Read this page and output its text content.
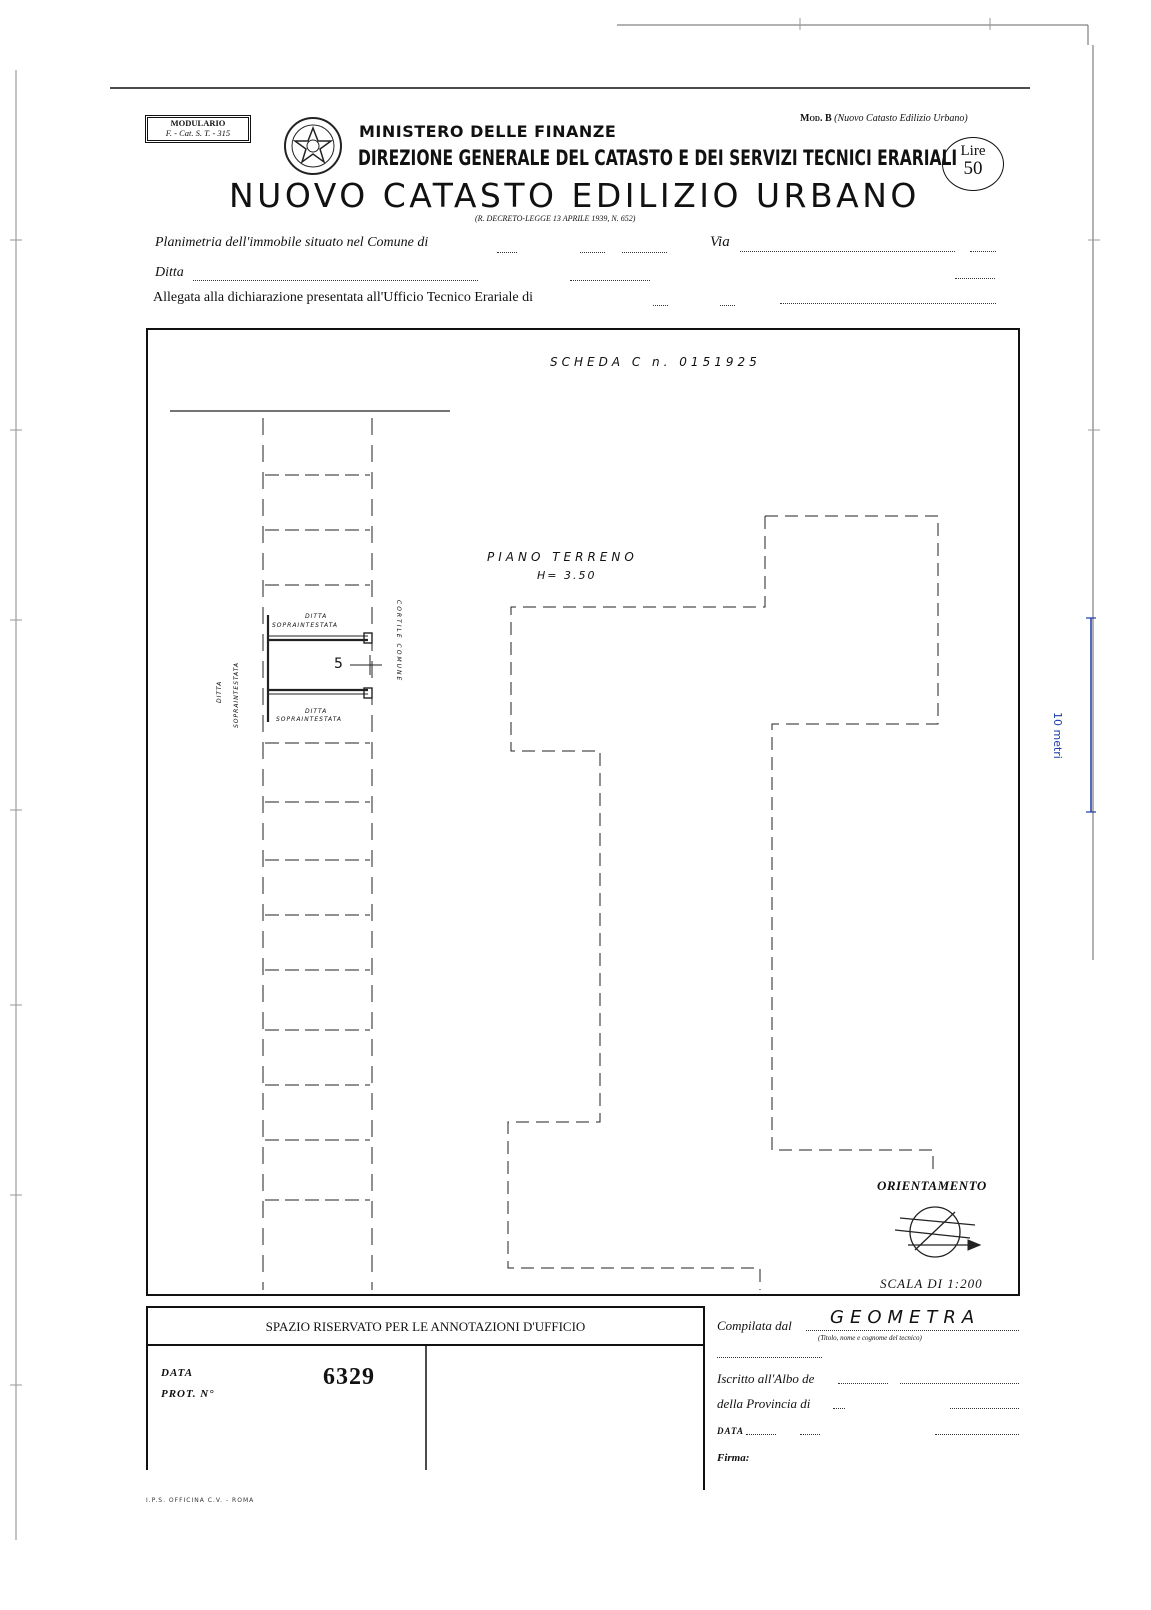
10 metri
MODULARIO
F. - Cat. S. T. - 315	MINISTERO DELLE FINANZE
DIREZIONE GENERALE DEL CATASTO E DEI SERVIZI TECNICI ERARIALI
NUOVO CATASTO EDILIZIO URBANO
(R. DECRETO-LEGGE 13 APRILE 1939, N. 652)
Mod. B (Nuovo Catasto Edilizio Urbano)
Lire
50
Planimetria dell'immobile situato nel Comune di	Via
Ditta
Allegata alla dichiarazione presentata all'Ufficio Tecnico Erariale di
SCHEDA C n. 0151925
PIANO TERRENO
H= 3.50
5
DITTA
SOPRAINTESTATA
DITTA
SOPRAINTESTATA
DITTA SOPRAINTESTATA
CORTILE COMUNE
ORIENTAMENTO
SCALA DI 1:200
SPAZIO RISERVATO PER LE ANNOTAZIONI D'UFFICIO
DATA
PROT. N°
6329
Compilata dal GEOMETRA
(Titolo, nome e cognome del tecnico)
Iscritto all'Albo de
della Provincia di
DATA
Firma:
I.P.S. OFFICINA C.V. - ROMA
